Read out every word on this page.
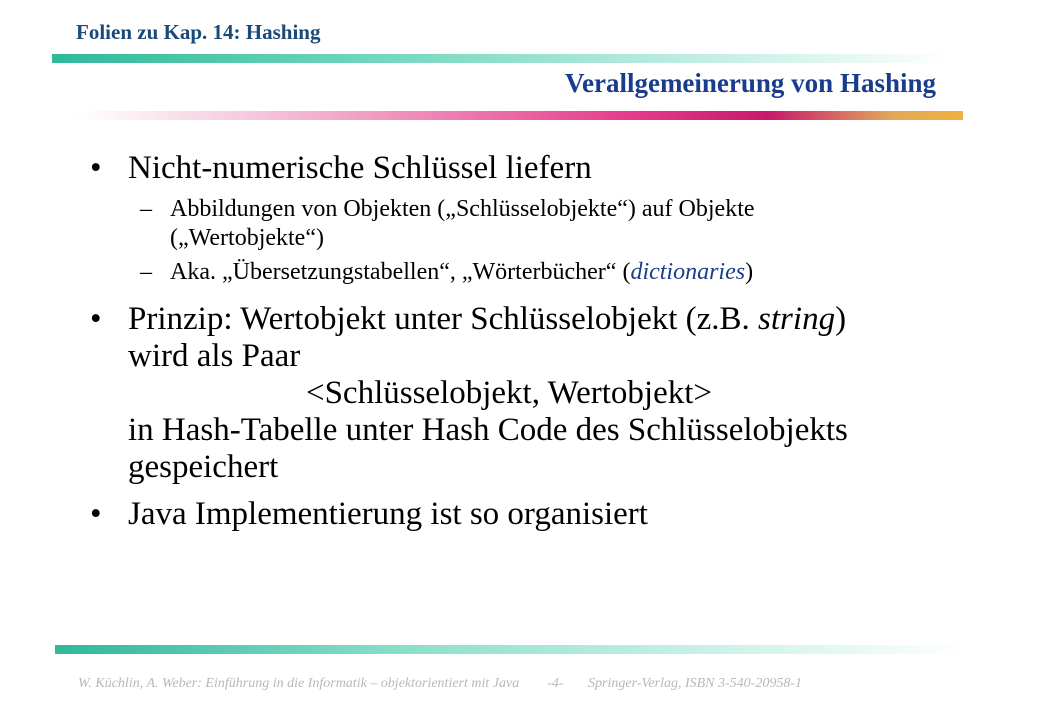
Folien zu Kap. 14: Hashing
Verallgemeinerung von Hashing
• Nicht-numerische Schlüssel liefern
– Abbildungen von Objekten („Schlüsselobjekte“) auf Objekte
(„Wertobjekte“)
– Aka. „Übersetzungstabellen“, „Wörterbücher“ (dictionaries)
• Prinzip: Wertobjekt unter Schlüsselobjekt (z.B. string)
wird als Paar
<Schlüsselobjekt, Wertobjekt>
in Hash-Tabelle unter Hash Code des Schlüsselobjekts
gespeichert
• Java Implementierung ist so organisiert
W. Küchlin, A. Weber: Einführung in die Informatik – objektorientiert mit Java        -4-       Springer-Verlag, ISBN 3-540-20958-1
